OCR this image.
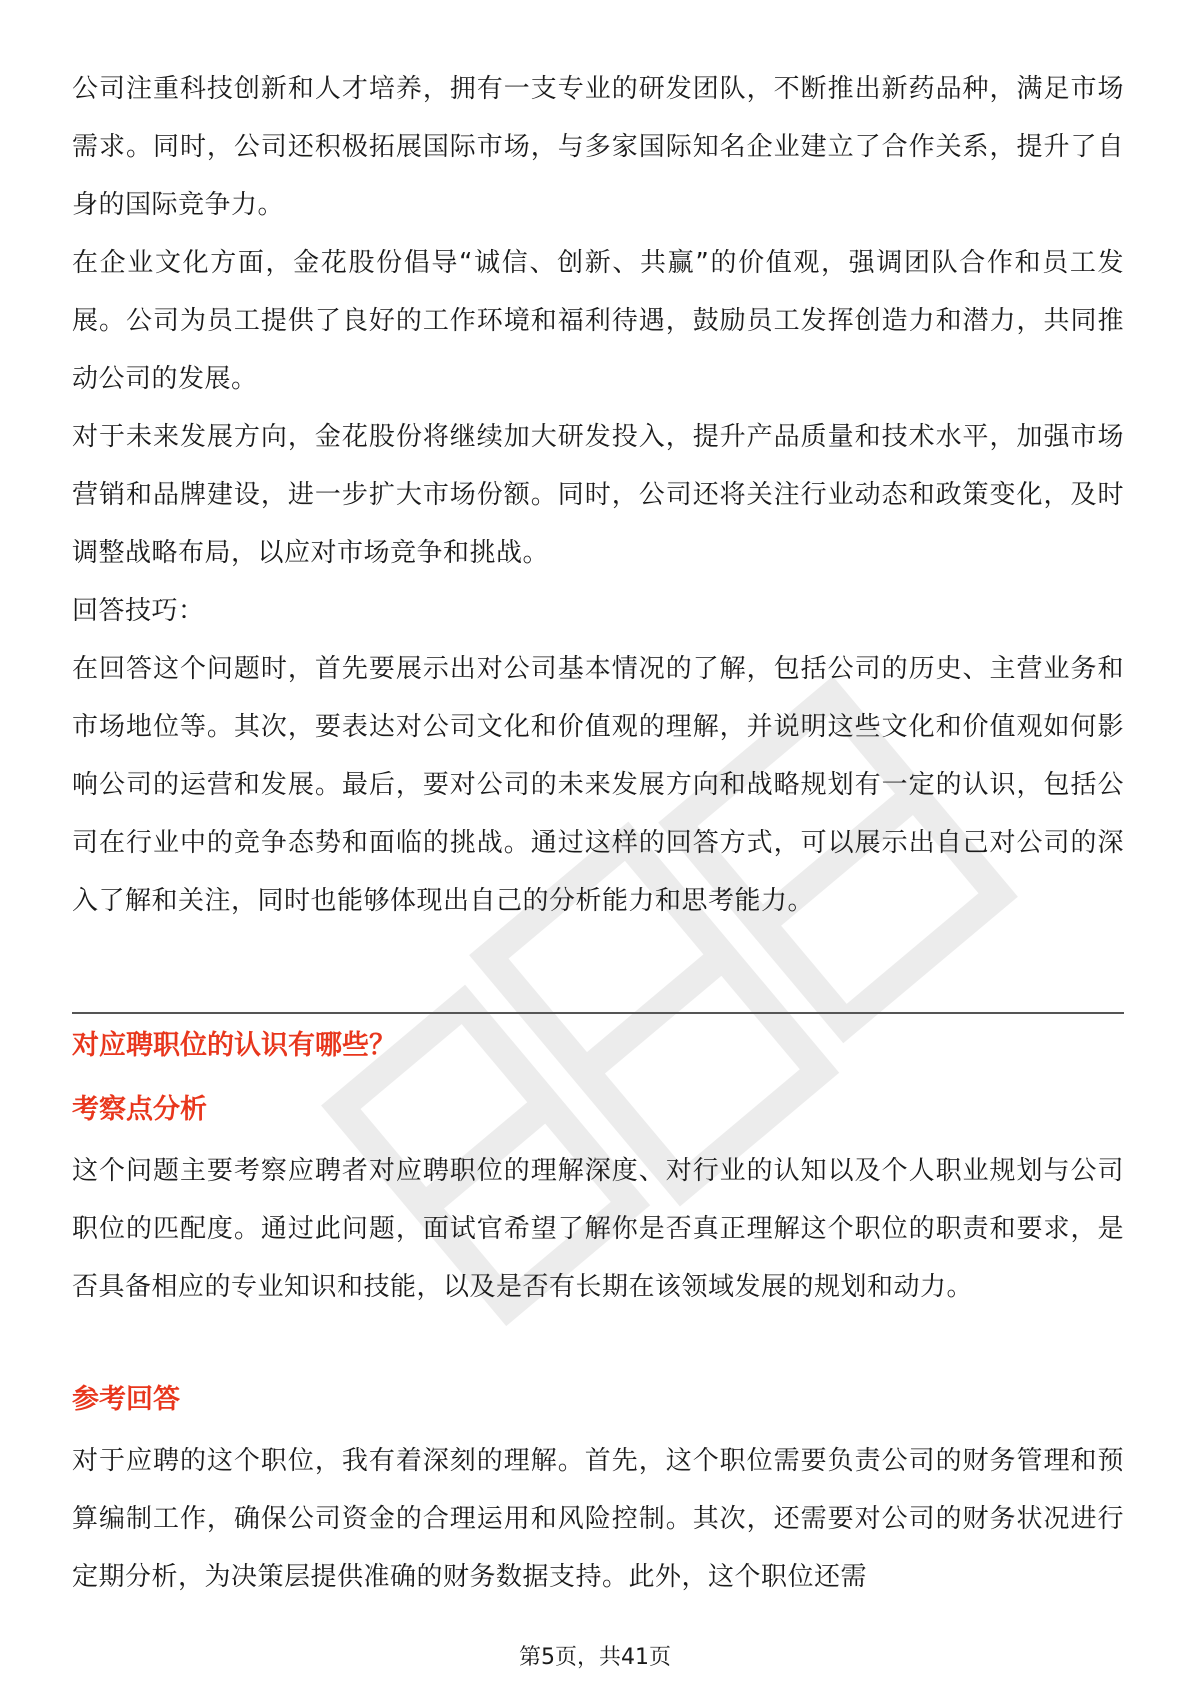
公司注重科技创新和人才培养，拥有一支专业的研发团队，不断推出新药品种，满足市场需求。同时，公司还积极拓展国际市场，与多家国际知名企业建立了合作关系，提升了自身的国际竞争力。

在企业文化方面，金花股份倡导“诚信、创新、共赢”的价值观，强调团队合作和员工发展。公司为员工提供了良好的工作环境和福利待遇，鼓励员工发挥创造力和潜力，共同推动公司的发展。

对于未来发展方向，金花股份将继续加大研发投入，提升产品质量和技术水平，加强市场营销和品牌建设，进一步扩大市场份额。同时，公司还将关注行业动态和政策变化，及时调整战略布局，以应对市场竞争和挑战。

回答技巧：

在回答这个问题时，首先要展示出对公司基本情况的了解，包括公司的历史、主营业务和市场地位等。其次，要表达对公司文化和价值观的理解，并说明这些文化和价值观如何影响公司的运营和发展。最后，要对公司的未来发展方向和战略规划有一定的认识，包括公司在行业中的竞争态势和面临的挑战。通过这样的回答方式，可以展示出自己对公司的深入了解和关注，同时也能够体现出自己的分析能力和思考能力。

对应聘职位的认识有哪些？

考察点分析

这个问题主要考察应聘者对应聘职位的理解深度、对行业的认知以及个人职业规划与公司职位的匹配度。通过此问题，面试官希望了解你是否真正理解这个职位的职责和要求，是否具备相应的专业知识和技能，以及是否有长期在该领域发展的规划和动力。

参考回答

对于应聘的这个职位，我有着深刻的理解。首先，这个职位需要负责公司的财务管理和预算编制工作，确保公司资金的合理运用和风险控制。其次，还需要对公司的财务状况进行定期分析，为决策层提供准确的财务数据支持。此外，这个职位还需

第5页，共41页
